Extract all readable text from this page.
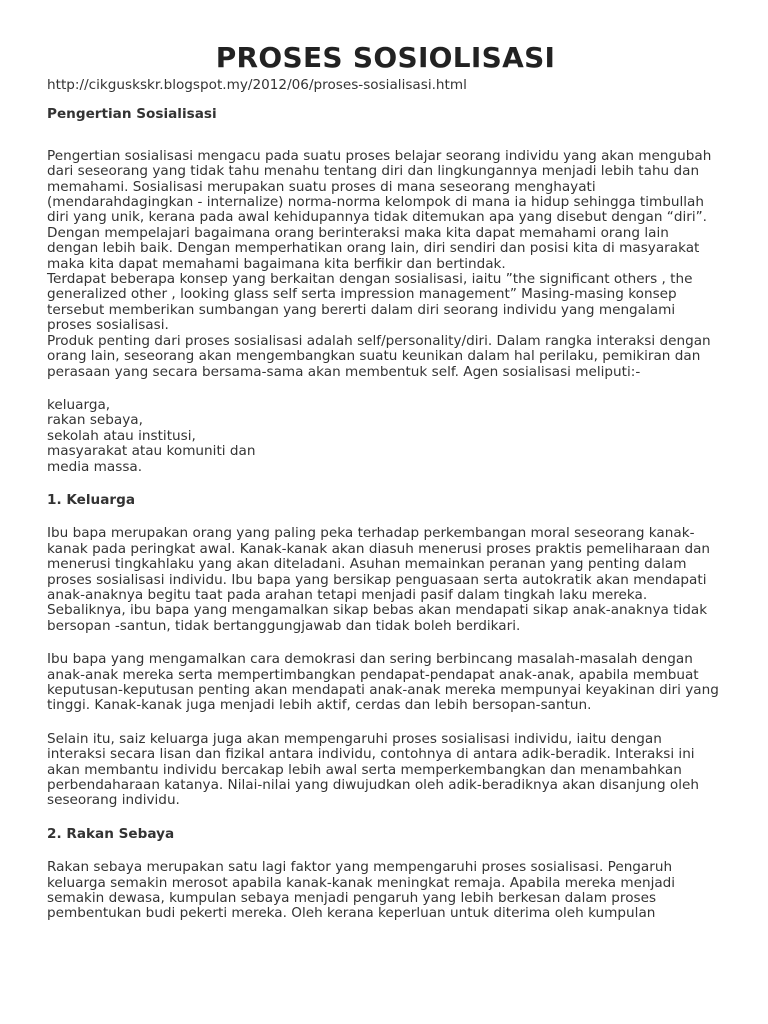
PROSES SOSIOLISASI

http://cikguskskr.blogspot.my/2012/06/proses-sosialisasi.html

Pengertian Sosialisasi

Pengertian sosialisasi mengacu pada suatu proses belajar seorang individu yang akan mengubah dari seseorang yang tidak tahu menahu tentang diri dan lingkungannya menjadi lebih tahu dan memahami. Sosialisasi merupakan suatu proses di mana seseorang menghayati (mendarahdagingkan - internalize) norma-norma kelompok di mana ia hidup sehingga timbullah diri yang unik, kerana pada awal kehidupannya tidak ditemukan apa yang disebut dengan “diri”.

Dengan mempelajari bagaimana orang berinteraksi maka kita dapat memahami orang lain dengan lebih baik. Dengan memperhatikan orang lain, diri sendiri dan posisi kita di masyarakat maka kita dapat memahami bagaimana kita berfikir dan bertindak.

Terdapat beberapa konsep yang berkaitan dengan sosialisasi, iaitu ”the significant others , the generalized other , looking glass self serta impression management” Masing-masing konsep tersebut memberikan sumbangan yang bererti dalam diri seorang individu yang mengalami proses sosialisasi.

Produk penting dari proses sosialisasi adalah self/personality/diri. Dalam rangka interaksi dengan orang lain, seseorang akan mengembangkan suatu keunikan dalam hal perilaku, pemikiran dan perasaan yang secara bersama-sama akan membentuk self. Agen sosialisasi meliputi:-

keluarga,
rakan sebaya,
sekolah atau institusi,
masyarakat atau komuniti dan
media massa.

1. Keluarga

Ibu bapa merupakan orang yang paling peka terhadap perkembangan moral seseorang kanak-kanak pada peringkat awal. Kanak-kanak akan diasuh menerusi proses praktis pemeliharaan dan menerusi tingkahlaku yang akan diteladani. Asuhan memainkan peranan yang penting dalam proses sosialisasi individu. Ibu bapa yang bersikap penguasaan serta autokratik akan mendapati anak-anaknya begitu taat pada arahan tetapi menjadi pasif dalam tingkah laku mereka. Sebaliknya, ibu bapa yang mengamalkan sikap bebas akan mendapati sikap anak-anaknya tidak bersopan -santun, tidak bertanggungjawab dan tidak boleh berdikari.

Ibu bapa yang mengamalkan cara demokrasi dan sering berbincang masalah-masalah dengan anak-anak mereka serta mempertimbangkan pendapat-pendapat anak-anak, apabila membuat keputusan-keputusan penting akan mendapati anak-anak mereka mempunyai keyakinan diri yang tinggi. Kanak-kanak juga menjadi lebih aktif, cerdas dan lebih bersopan-santun.

Selain itu, saiz keluarga juga akan mempengaruhi proses sosialisasi individu, iaitu dengan interaksi secara lisan dan fizikal antara individu, contohnya di antara adik-beradik. Interaksi ini akan membantu individu bercakap lebih awal serta memperkembangkan dan menambahkan perbendaharaan katanya. Nilai-nilai yang diwujudkan oleh adik-beradiknya akan disanjung oleh seseorang individu.

2. Rakan Sebaya

Rakan sebaya merupakan satu lagi faktor yang mempengaruhi proses sosialisasi. Pengaruh keluarga semakin merosot apabila kanak-kanak meningkat remaja. Apabila mereka menjadi semakin dewasa, kumpulan sebaya menjadi pengaruh yang lebih berkesan dalam proses pembentukan budi pekerti mereka. Oleh kerana keperluan untuk diterima oleh kumpulan
